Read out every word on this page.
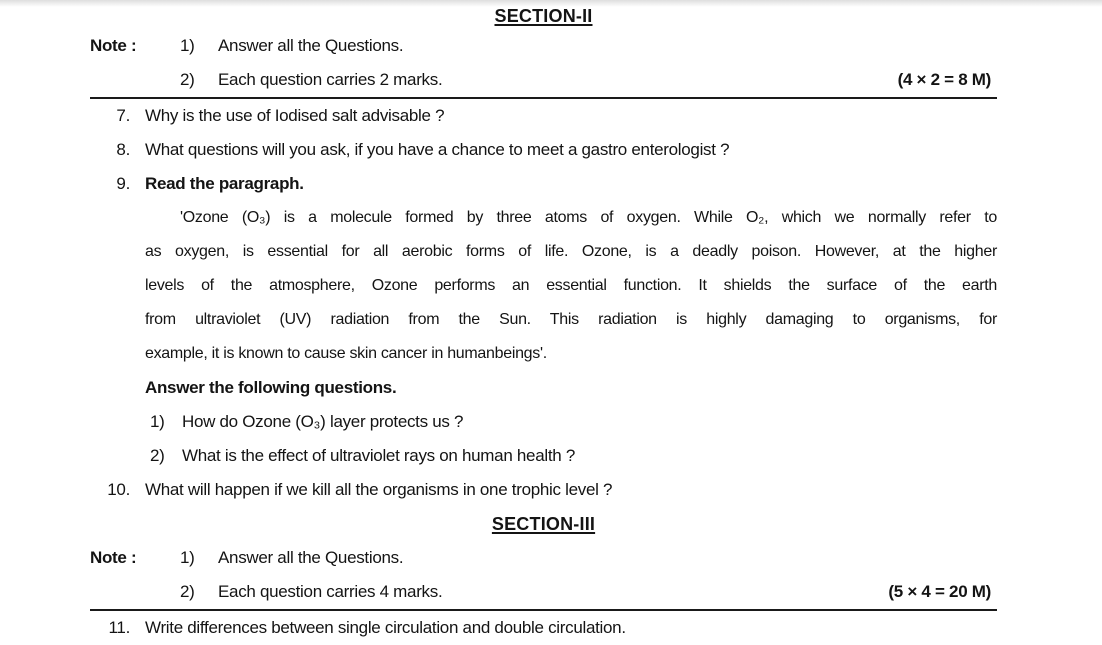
SECTION-II
Note :	1)	Answer all the Questions.
2)	Each question carries 2 marks.	(4 × 2 = 8 M)
7. Why is the use of Iodised salt advisable ?
8. What questions will you ask, if you have a chance to meet a gastro enterologist ?
9. Read the paragraph.
'Ozone (O₃) is a molecule formed by three atoms of oxygen. While O₂, which we normally refer to
as oxygen, is essential for all aerobic forms of life. Ozone, is a deadly poison. However, at the higher
levels of the atmosphere, Ozone performs an essential function. It shields the surface of the earth
from ultraviolet (UV) radiation from the Sun. This radiation is highly damaging to organisms, for
example, it is known to cause skin cancer in humanbeings'.
Answer the following questions.
1)	How do Ozone (O₃) layer protects us ?
2)	What is the effect of ultraviolet rays on human health ?
10. What will happen if we kill all the organisms in one trophic level ?
SECTION-III
Note :	1)	Answer all the Questions.
2)	Each question carries 4 marks.	(5 × 4 = 20 M)
11. Write differences between single circulation and double circulation.
